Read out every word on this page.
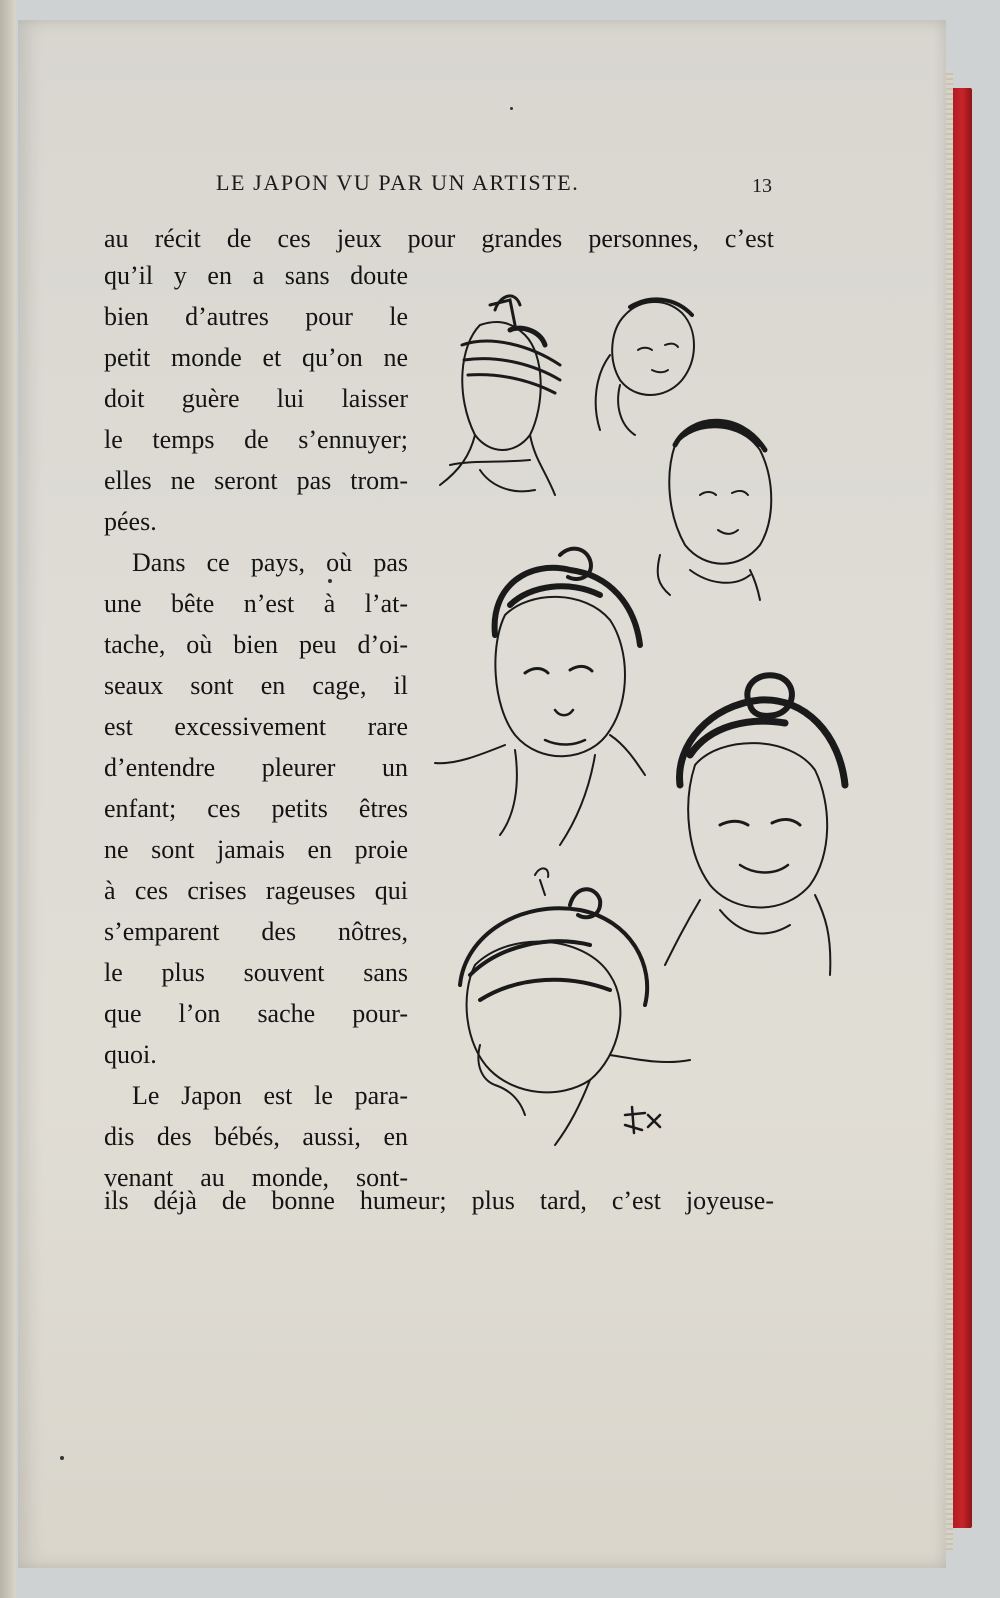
LE JAPON VU PAR UN ARTISTE.	13
au récit de ces jeux pour grandes personnes, c’est
qu’il y en a sans doute
bien d’autres pour le
petit monde et qu’on ne
doit guère lui laisser
le temps de s’ennuyer;
elles ne seront pas trom-
pées.
Dans ce pays, où pas
une bête n’est à l’at-
tache, où bien peu d’oi-
seaux sont en cage, il
est excessivement rare
d’entendre pleurer un
enfant; ces petits êtres
ne sont jamais en proie
à ces crises rageuses qui
s’emparent des nôtres,
le plus souvent sans
que l’on sache pour-
quoi.
Le Japon est le para-
dis des bébés, aussi, en
venant au monde, sont-
ils déjà de bonne humeur; plus tard, c’est joyeuse-
